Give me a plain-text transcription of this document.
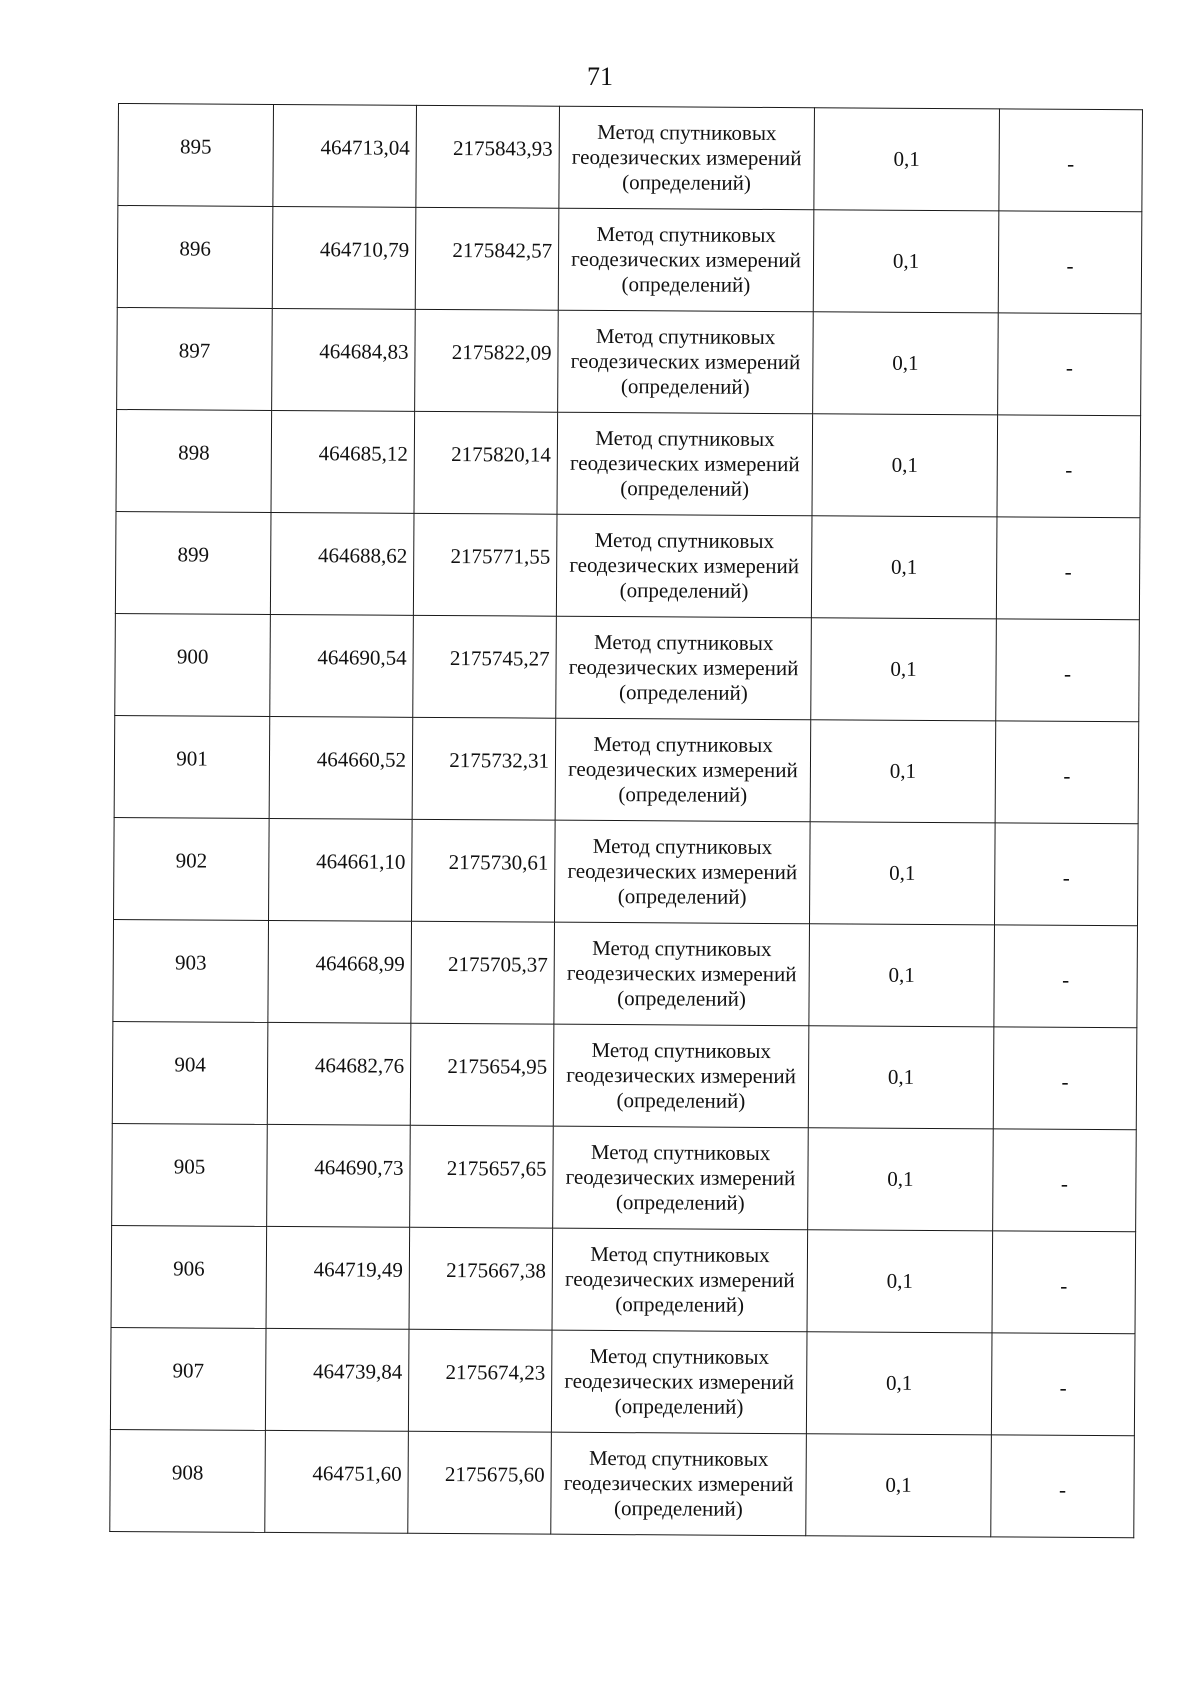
71
895	464713,04	2175843,93	Метод спутниковых
геодезических измерений
(определений)	0,1	-

896	464710,79	2175842,57	Метод спутниковых
геодезических измерений
(определений)	0,1	-

897	464684,83	2175822,09	Метод спутниковых
геодезических измерений
(определений)	0,1	-

898	464685,12	2175820,14	Метод спутниковых
геодезических измерений
(определений)	0,1	-

899	464688,62	2175771,55	Метод спутниковых
геодезических измерений
(определений)	0,1	-

900	464690,54	2175745,27	Метод спутниковых
геодезических измерений
(определений)	0,1	-

901	464660,52	2175732,31	Метод спутниковых
геодезических измерений
(определений)	0,1	-

902	464661,10	2175730,61	Метод спутниковых
геодезических измерений
(определений)	0,1	-

903	464668,99	2175705,37	Метод спутниковых
геодезических измерений
(определений)	0,1	-

904	464682,76	2175654,95	Метод спутниковых
геодезических измерений
(определений)	0,1	-

905	464690,73	2175657,65	Метод спутниковых
геодезических измерений
(определений)	0,1	-

906	464719,49	2175667,38	Метод спутниковых
геодезических измерений
(определений)	0,1	-

907	464739,84	2175674,23	Метод спутниковых
геодезических измерений
(определений)	0,1	-

908	464751,60	2175675,60	Метод спутниковых
геодезических измерений
(определений)	0,1	-
